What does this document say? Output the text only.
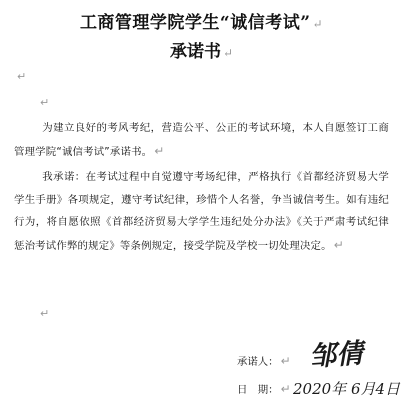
工商管理学院学生“诚信考试” ↵
承诺书 ↵
↵
↵
为建立良好的考风考纪，营造公平、公正的考试环境，本人自愿签订工商管理学院“诚信考试”承诺书。 ↵
我承诺：在考试过程中自觉遵守考场纪律，严格执行《首都经济贸易大学学生手册》各项规定，遵守考试纪律，珍惜个人名誉，争当诚信考生。如有违纪行为，将自愿依照《首都经济贸易大学学生违纪处分办法》《关于严肃考试纪律惩治考试作弊的规定》等条例规定，接受学院及学校一切处理决定。 ↵
↵
承诺人： ↵ 邹倩
日　期： ↵ 2020年 6月4日
